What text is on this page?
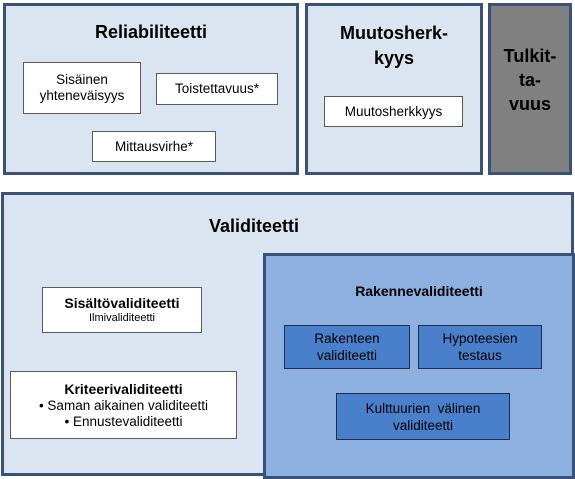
Reliabiliteetti
Sisäinen yhteneväisyys	Toistettavuus*
Mittausvirhe*
Muutosherk-
kyys
Muutosherkkyys
Tulkit-
ta-
vuus
Validiteetti
Sisältövaliditeetti
Ilmivaliditeetti
Kriteerivaliditeetti
• Saman aikainen validiteetti
• Ennustevaliditeetti
Rakennevaliditeetti
Rakenteen validiteetti
Hypoteesien testaus
Kulttuurien  välinen validiteetti
